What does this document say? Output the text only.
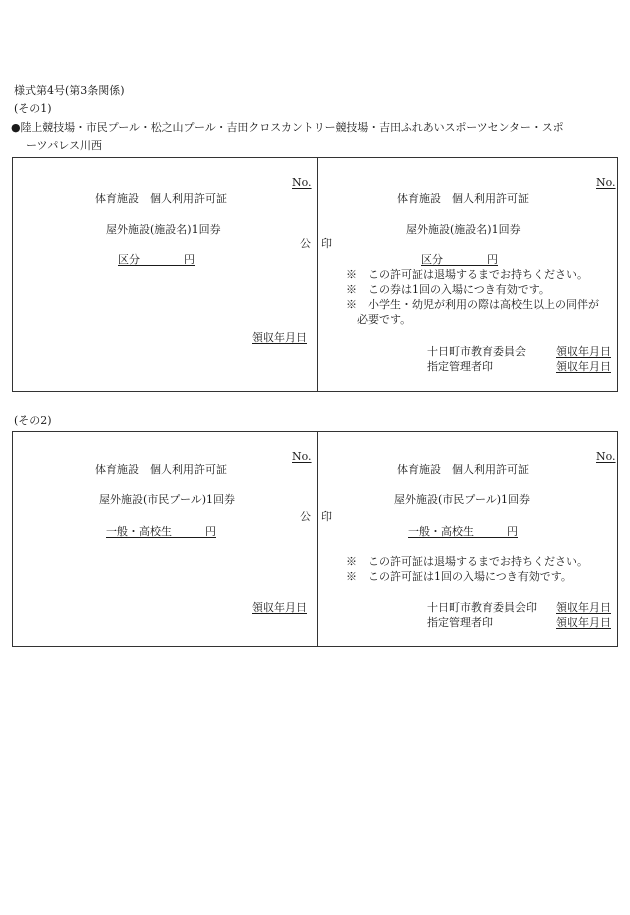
様式第4号(第3条関係)
(その1)
●陸上競技場・市民プール・松之山プール・吉田クロスカントリー競技場・吉田ふれあいスポーツセンター・スポ
ーツパレス川西
No.
体育施設　個人利用許可証
屋外施設(施設名)1回券
公
区分　　　　円
領収年月日
No.
印
体育施設　個人利用許可証
屋外施設(施設名)1回券
区分　　　　円
※　この許可証は退場するまでお持ちください。
※　この券は1回の入場につき有効です。
※　小学生・幼児が利用の際は高校生以上の同伴が
　必要です。
十日町市教育委員会
指定管理者印
領収年月日
領収年月日
(その2)
No.
体育施設　個人利用許可証
屋外施設(市民プール)1回券
公
一般・高校生　　　円
領収年月日
No.
印
体育施設　個人利用許可証
屋外施設(市民プール)1回券
一般・高校生　　　円
※　この許可証は退場するまでお持ちください。
※　この許可証は1回の入場につき有効です。
十日町市教育委員会印
指定管理者印
領収年月日
領収年月日
